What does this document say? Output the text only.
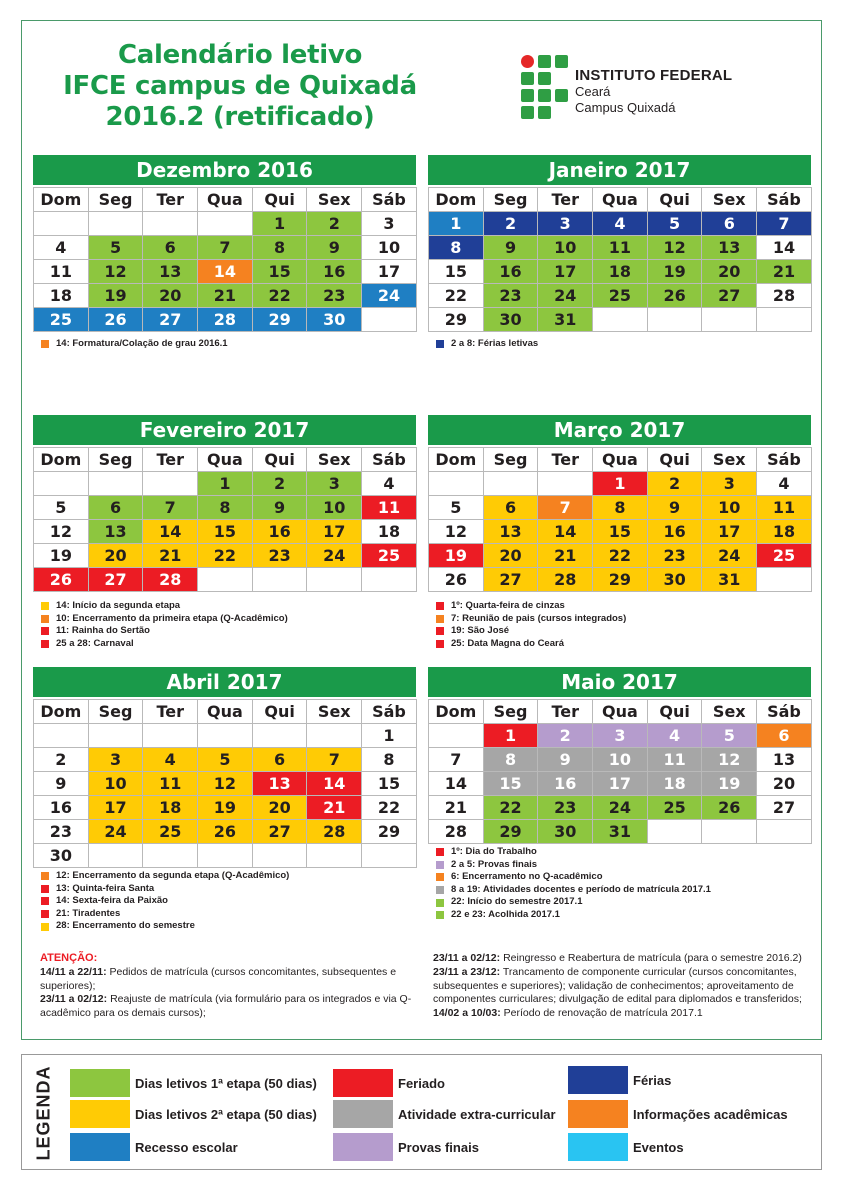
Calendário letivo
IFCE campus de Quixadá
2016.2 (retificado)
INSTITUTO FEDERAL
Ceará
Campus Quixadá
Dezembro 2016
Dom	Seg	Ter	Qua	Qui	Sex	Sáb
				1	2	3
4	5	6	7	8	9	10
11	12	13	14	15	16	17
18	19	20	21	22	23	24
25	26	27	28	29	30	
Janeiro 2017
Dom	Seg	Ter	Qua	Qui	Sex	Sáb
1	2	3	4	5	6	7
8	9	10	11	12	13	14
15	16	17	18	19	20	21
22	23	24	25	26	27	28
29	30	31				
Fevereiro 2017
Dom	Seg	Ter	Qua	Qui	Sex	Sáb
			1	2	3	4
5	6	7	8	9	10	11
12	13	14	15	16	17	18
19	20	21	22	23	24	25
26	27	28				
Março 2017
Dom	Seg	Ter	Qua	Qui	Sex	Sáb
			1	2	3	4
5	6	7	8	9	10	11
12	13	14	15	16	17	18
19	20	21	22	23	24	25
26	27	28	29	30	31	
Abril 2017
Dom	Seg	Ter	Qua	Qui	Sex	Sáb
						1
2	3	4	5	6	7	8
9	10	11	12	13	14	15
16	17	18	19	20	21	22
23	24	25	26	27	28	29
30						
Maio 2017
Dom	Seg	Ter	Qua	Qui	Sex	Sáb
	1	2	3	4	5	6
7	8	9	10	11	12	13
14	15	16	17	18	19	20
21	22	23	24	25	26	27
28	29	30	31			
14: Formatura/Colação de grau 2016.1	2 a 8: Férias letivas
14: Início da segunda etapa
10: Encerramento da primeira etapa (Q-Acadêmico)
11: Rainha do Sertão
25 a 28: Carnaval
1º: Quarta-feira de cinzas
7: Reunião de pais (cursos integrados)
19: São José
25: Data Magna do Ceará
12: Encerramento da segunda etapa (Q-Acadêmico)
13: Quinta-feira Santa
14: Sexta-feira da Paixão
21: Tiradentes
28: Encerramento do semestre
1º: Dia do Trabalho
2 a 5: Provas finais
6: Encerramento no Q-acadêmico
8 a 19: Atividades docentes e período de matrícula 2017.1
22: Início do semestre 2017.1
22 e 23: Acolhida 2017.1
ATENÇÃO:
14/11 a 22/11: Pedidos de matrícula (cursos concomitantes, subsequentes e superiores);
23/11 a 02/12: Reajuste de matrícula (via formulário para os integrados e via Q-acadêmico para os demais cursos);
23/11 a 02/12: Reingresso e Reabertura de matrícula (para o semestre 2016.2)
23/11 a 23/12: Trancamento de componente curricular (cursos concomitantes, subsequentes e superiores); validação de conhecimentos; aproveitamento de componentes curriculares; divulgação de edital para diplomados e transferidos;
14/02 a 10/03: Período de renovação de matrícula 2017.1
LEGENDA	Dias letivos 1ª etapa (50 dias)	Feriado	Férias
Dias letivos 2ª etapa (50 dias)	Atividade extra-curricular	Informações acadêmicas
Recesso escolar	Provas finais	Eventos
